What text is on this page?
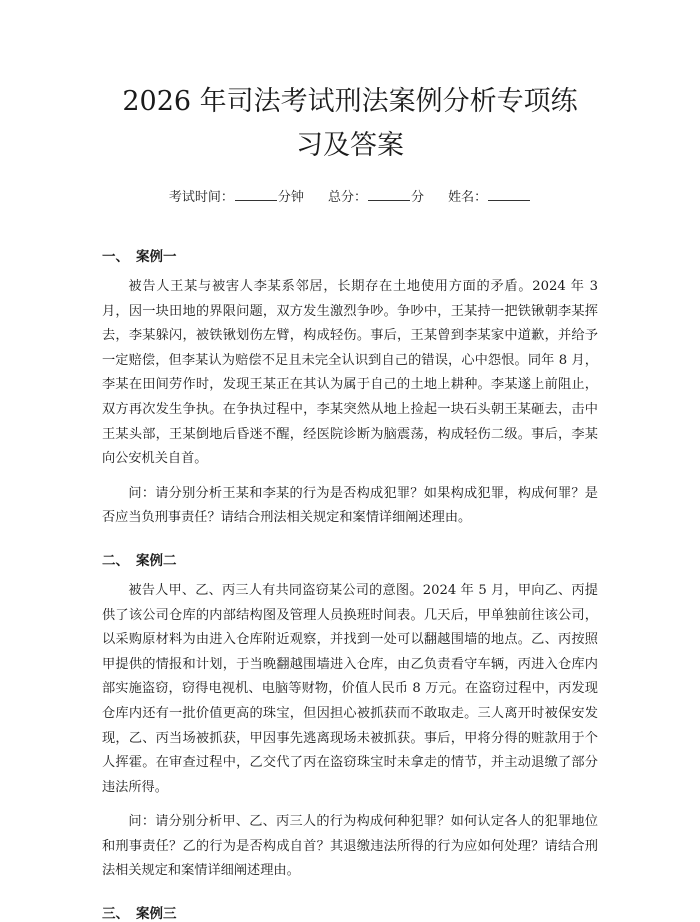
2026 年司法考试刑法案例分析专项练习及答案
考试时间：	分钟 总分：	分 姓名：
一、 案例一

被告人王某与被害人李某系邻居，长期存在土地使用方面的矛盾。2024 年 3 月，因一块田地的界限问题，双方发生激烈争吵。争吵中，王某持一把铁锹朝李某挥去，李某躲闪，被铁锹划伤左臂，构成轻伤。事后，王某曾到李某家中道歉，并给予一定赔偿，但李某认为赔偿不足且未完全认识到自己的错误，心中怨恨。同年 8 月，李某在田间劳作时，发现王某正在其认为属于自己的土地上耕种。李某遂上前阻止，双方再次发生争执。在争执过程中，李某突然从地上捡起一块石头朝王某砸去，击中王某头部，王某倒地后昏迷不醒，经医院诊断为脑震荡，构成轻伤二级。事后，李某向公安机关自首。

问：请分别分析王某和李某的行为是否构成犯罪？如果构成犯罪，构成何罪？是否应当负刑事责任？请结合刑法相关规定和案情详细阐述理由。

二、 案例二

被告人甲、乙、丙三人有共同盗窃某公司的意图。2024 年 5 月，甲向乙、丙提供了该公司仓库的内部结构图及管理人员换班时间表。几天后，甲单独前往该公司，以采购原材料为由进入仓库附近观察，并找到一处可以翻越围墙的地点。乙、丙按照甲提供的情报和计划，于当晚翻越围墙进入仓库，由乙负责看守车辆，丙进入仓库内部实施盗窃，窃得电视机、电脑等财物，价值人民币 8 万元。在盗窃过程中，丙发现仓库内还有一批价值更高的珠宝，但因担心被抓获而不敢取走。三人离开时被保安发现，乙、丙当场被抓获，甲因事先逃离现场未被抓获。事后，甲将分得的赃款用于个人挥霍。在审查过程中，乙交代了丙在盗窃珠宝时未拿走的情节，并主动退缴了部分违法所得。

问：请分别分析甲、乙、丙三人的行为构成何种犯罪？如何认定各人的犯罪地位和刑事责任？乙的行为是否构成自首？其退缴违法所得的行为应如何处理？请结合刑法相关规定和案情详细阐述理由。

三、 案例三
